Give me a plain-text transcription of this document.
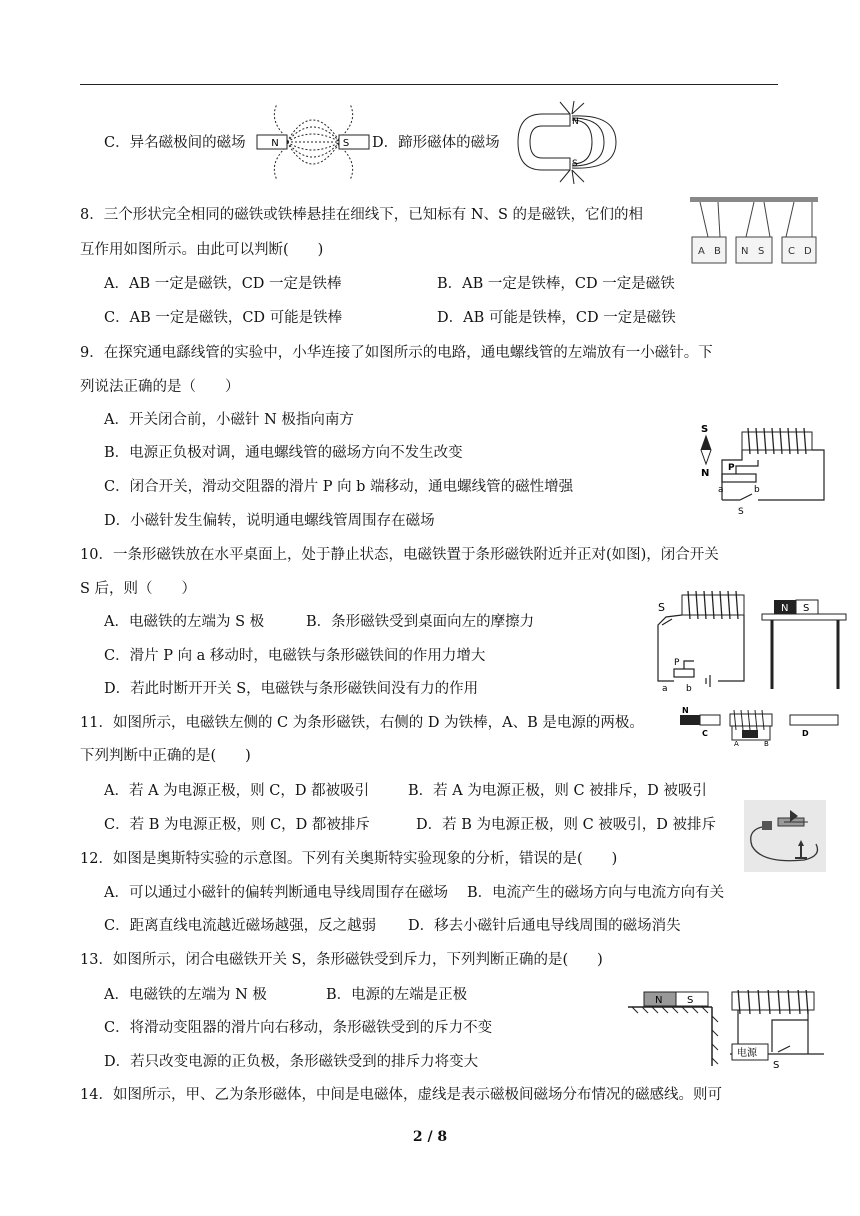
C．异名磁极间的磁场	N	S D．蹄形磁体的磁场
N
S
8．三个形状完全相同的磁铁或铁棒悬挂在细线下，已知标有 N、S 的是磁铁，它们的相
互作用如图所示。由此可以判断(　　)
A．AB 一定是磁铁，CD 一定是铁棒	B．AB 一定是铁棒，CD 一定是磁铁
C．AB 一定是磁铁，CD 可能是铁棒	D．AB 可能是铁棒，CD 一定是磁铁
A B N S C D
9．在探究通电繇线管的实验中，小华连接了如图所示的电路，通电螺线管的左端放有一小磁针。下
列说法正确的是（　　）
A．开关闭合前，小磁针 N 极指向南方
B．电源正负极对调，通电螺线管的磁场方向不发生改变
C．闭合开关，滑动交阻器的滑片 P 向 b 端移动，通电螺线管的磁性增强
D．小磁针发生偏转，说明通电螺线管周围存在磁场
S
N P
a	b
S
10．一条形磁铁放在水平桌面上，处于静止状态，电磁铁置于条形磁铁附近并正对(如图)，闭合开关
S 后，则（　　）
A．电磁铁的左端为 S 极	B．条形磁铁受到桌面向左的摩擦力
C．滑片 P 向 a 移动时，电磁铁与条形磁铁间的作用力增大
D．若此时断开开关 S，电磁铁与条形磁铁间没有力的作用
S
P
a b
N S
11．如图所示，电磁铁左侧的 C 为条形磁铁，右侧的 D 为铁棒，A、B 是电源的两极。
下列判断中正确的是(　　)
A．若 A 为电源正极，则 C，D 都被吸引	B．若 A 为电源正极，则 C 被排斥，D 被吸引
C．若 B 为电源正极，则 C，D 都被排斥	D．若 B 为电源正极，则 C 被吸引，D 被排斥
N
C
A	B
D
12．如图是奥斯特实验的示意图。下列有关奥斯特实验现象的分析，错误的是(　　)
A．可以通过小磁针的偏转判断通电导线周围存在磁场 B．电流产生的磁场方向与电流方向有关
C．距离直线电流越近磁场越强，反之越弱 D．移去小磁针后通电导线周围的磁场消失
13．如图所示，闭合电磁铁开关 S，条形磁铁受到斥力，下列判断正确的是(　　)
A．电磁铁的左端为 N 极	B．电源的左端是正极
C．将滑动变阻器的滑片向右移动，条形磁铁受到的斥力不变
D．若只改变电源的正负极，条形磁铁受到的排斥力将变大
N S
电源
S
14．如图所示，甲、乙为条形磁体，中间是电磁体，虚线是表示磁极间磁场分布情况的磁感线。则可
2 / 8
